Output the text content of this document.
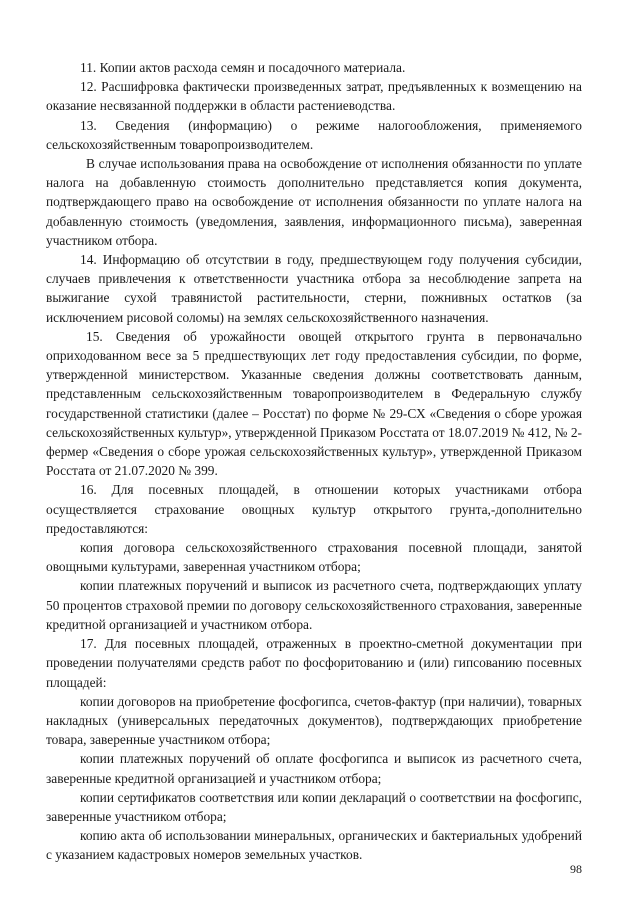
11. Копии актов расхода семян и посадочного материала.

12. Расшифровка фактически произведенных затрат, предъявленных к возмещению на оказание несвязанной поддержки в области растениеводства.

13. Сведения (информацию) о режиме налогообложения, применяемого сельскохозяйственным товаропроизводителем.

В случае использования права на освобождение от исполнения обязанности по уплате налога на добавленную стоимость дополнительно представляется копия документа, подтверждающего право на освобождение от исполнения обязанности по уплате налога на добавленную стоимость (уведомления, заявления, информационного письма), заверенная участником отбора.

14. Информацию об отсутствии в году, предшествующем году получения субсидии, случаев привлечения к ответственности участника отбора за несоблюдение запрета на выжигание сухой травянистой растительности, стерни, пожнивных остатков (за исключением рисовой соломы) на землях сельскохозяйственного назначения.

15. Сведения об урожайности овощей открытого грунта в первоначально оприходованном весе за 5 предшествующих лет году предоставления субсидии, по форме, утвержденной министерством. Указанные сведения должны соответствовать данным, представленным сельскохозяйственным товаропроизводителем в Федеральную службу государственной статистики (далее – Росстат) по форме № 29-СХ «Сведения о сборе урожая сельскохозяйственных культур», утвержденной Приказом Росстата от 18.07.2019 № 412, № 2-фермер «Сведения о сборе урожая сельскохозяйственных культур», утвержденной Приказом Росстата от 21.07.2020 № 399.

16. Для посевных площадей, в отношении которых участниками отбора осуществляется страхование овощных культур открытого грунта,-дополнительно предоставляются:

копия договора сельскохозяйственного страхования посевной площади, занятой овощными культурами, заверенная участником отбора;

копии платежных поручений и выписок из расчетного счета, подтверждающих уплату 50 процентов страховой премии по договору сельскохозяйственного страхования, заверенные кредитной организацией и участником отбора.

17. Для посевных площадей, отраженных в проектно-сметной документации при проведении получателями средств работ по фосфоритованию и (или) гипсованию посевных площадей:

копии договоров на приобретение фосфогипса, счетов-фактур (при наличии), товарных накладных (универсальных передаточных документов), подтверждающих приобретение товара, заверенные участником отбора;

копии платежных поручений об оплате фосфогипса и выписок из расчетного счета, заверенные кредитной организацией и участником отбора;

копии сертификатов соответствия или копии деклараций о соответствии на фосфогипс, заверенные участником отбора;

копию акта об использовании минеральных, органических и бактериальных удобрений с указанием кадастровых номеров земельных участков.

98
